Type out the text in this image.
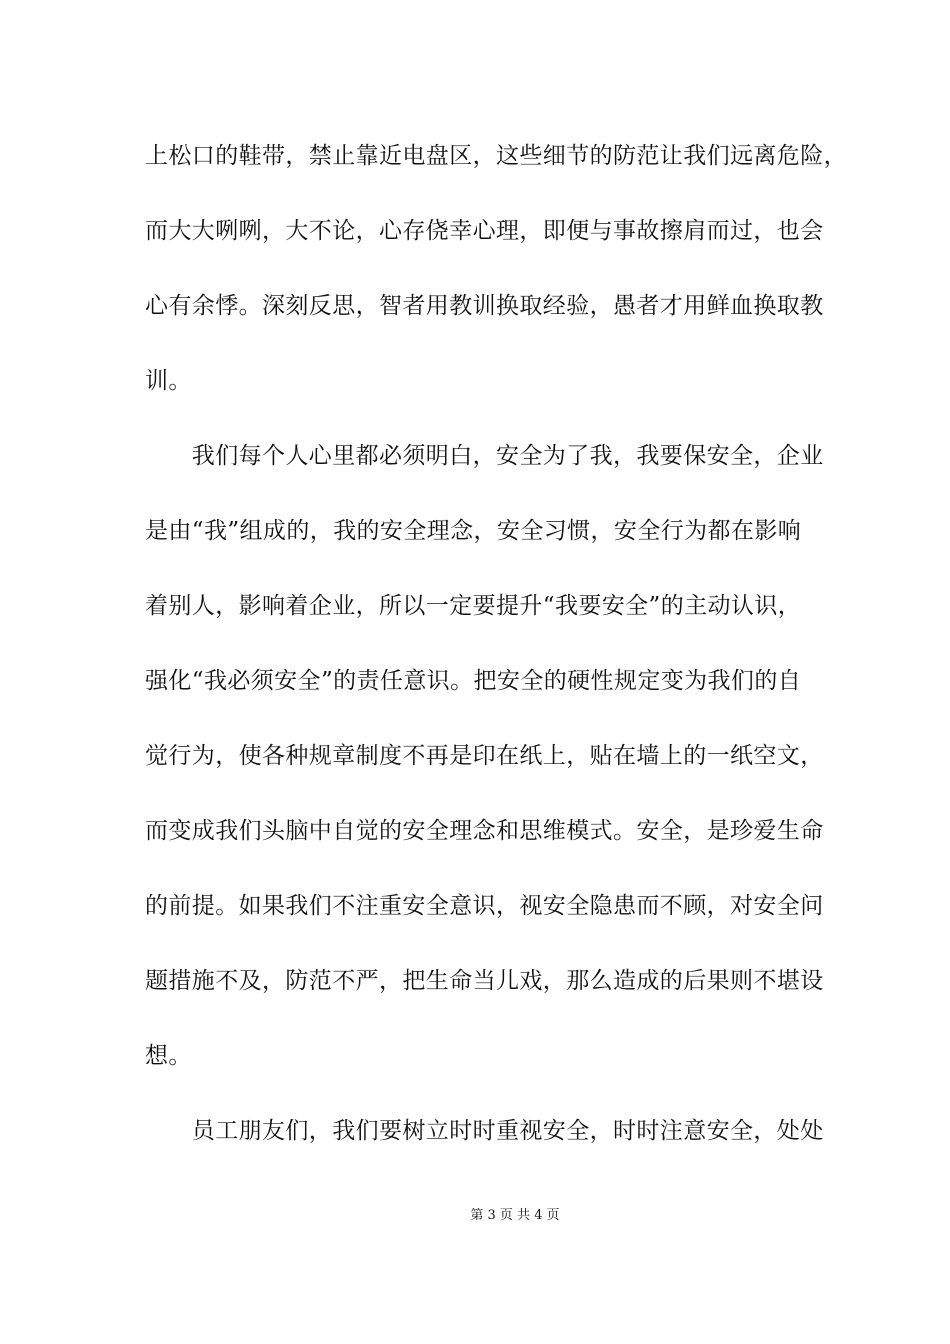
上松口的鞋带，禁止靠近电盘区，这些细节的防范让我们远离危险，
而大大咧咧，大不论，心存侥幸心理，即便与事故擦肩而过，也会
心有余悸。深刻反思，智者用教训换取经验，愚者才用鲜血换取教
训。
　　我们每个人心里都必须明白，安全为了我，我要保安全，企业
是由“我”组成的，我的安全理念，安全习惯，安全行为都在影响
着别人，影响着企业，所以一定要提升“我要安全”的主动认识，
强化“我必须安全”的责任意识。把安全的硬性规定变为我们的自
觉行为，使各种规章制度不再是印在纸上，贴在墙上的一纸空文，
而变成我们头脑中自觉的安全理念和思维模式。安全，是珍爱生命
的前提。如果我们不注重安全意识，视安全隐患而不顾，对安全问
题措施不及，防范不严，把生命当儿戏，那么造成的后果则不堪设
想。
　　员工朋友们，我们要树立时时重视安全，时时注意安全，处处
第 3 页 共 4 页
